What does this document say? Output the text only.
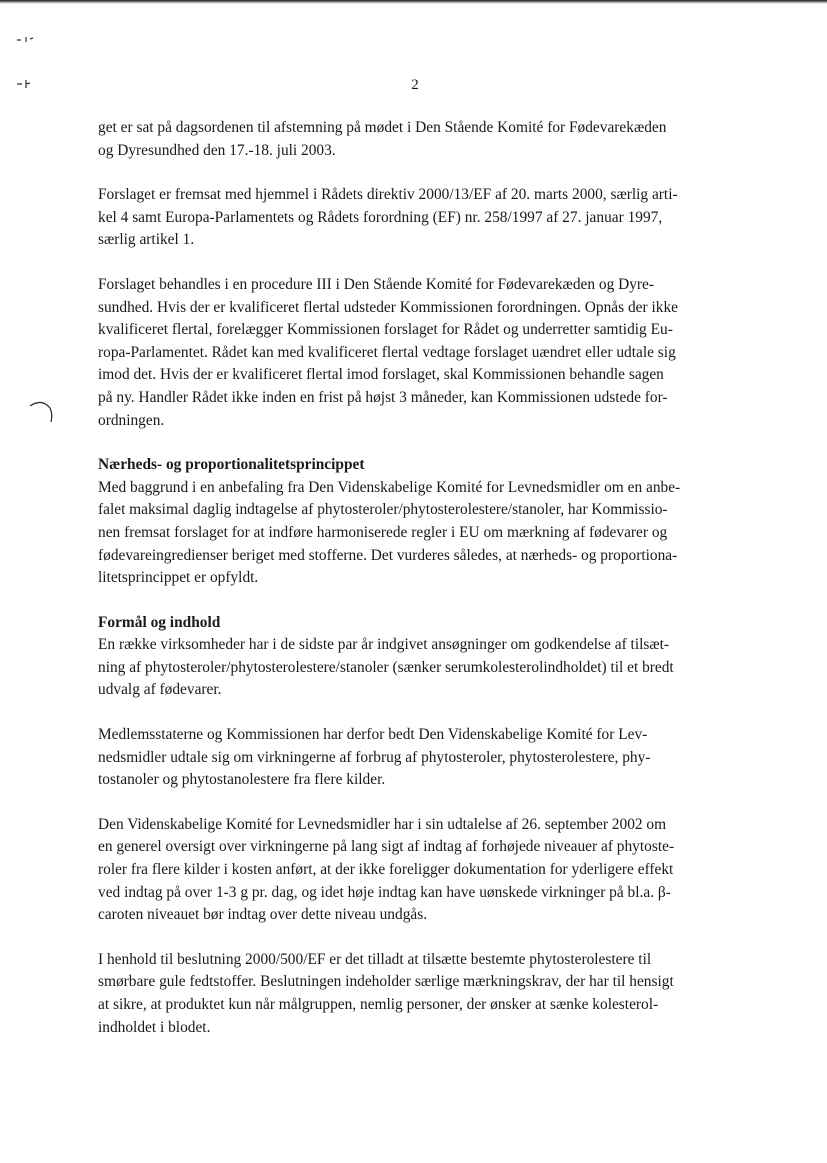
2

get er sat på dagsordenen til afstemning på mødet i Den Stående Komité for Fødevarekæden
og Dyresundhed den 17.-18. juli 2003.

Forslaget er fremsat med hjemmel i Rådets direktiv 2000/13/EF af 20. marts 2000, særlig arti-
kel 4 samt Europa-Parlamentets og Rådets forordning (EF) nr. 258/1997 af 27. januar 1997,
særlig artikel 1.

Forslaget behandles i en procedure III i Den Stående Komité for Fødevarekæden og Dyre-
sundhed. Hvis der er kvalificeret flertal udsteder Kommissionen forordningen. Opnås der ikke
kvalificeret flertal, forelægger Kommissionen forslaget for Rådet og underretter samtidig Eu-
ropa-Parlamentet. Rådet kan med kvalificeret flertal vedtage forslaget uændret eller udtale sig
imod det. Hvis der er kvalificeret flertal imod forslaget, skal Kommissionen behandle sagen
på ny. Handler Rådet ikke inden en frist på højst 3 måneder, kan Kommissionen udstede for-
ordningen.

Nærheds- og proportionalitetsprincippet

Med baggrund i en anbefaling fra Den Videnskabelige Komité for Levnedsmidler om en anbe-
falet maksimal daglig indtagelse af phytosteroler/phytosterolestere/stanoler, har Kommissio-
nen fremsat forslaget for at indføre harmoniserede regler i EU om mærkning af fødevarer og
fødevareingredienser beriget med stofferne. Det vurderes således, at nærheds- og proportiona-
litetsprincippet er opfyldt.

Formål og indhold

En række virksomheder har i de sidste par år indgivet ansøgninger om godkendelse af tilsæt-
ning af phytosteroler/phytosterolestere/stanoler (sænker serumkolesterolindholdet) til et bredt
udvalg af fødevarer.

Medlemsstaterne og Kommissionen har derfor bedt Den Videnskabelige Komité for Lev-
nedsmidler udtale sig om virkningerne af forbrug af phytosteroler, phytosterolestere, phy-
tostanoler og phytostanolestere fra flere kilder.

Den Videnskabelige Komité for Levnedsmidler har i sin udtalelse af 26. september 2002 om
en generel oversigt over virkningerne på lang sigt af indtag af forhøjede niveauer af phytoste-
roler fra flere kilder i kosten anført, at der ikke foreligger dokumentation for yderligere effekt
ved indtag på over 1-3 g pr. dag, og idet høje indtag kan have uønskede virkninger på bl.a. β-
caroten niveauet bør indtag over dette niveau undgås.

I henhold til beslutning 2000/500/EF er det tilladt at tilsætte bestemte phytosterolestere til
smørbare gule fedtstoffer. Beslutningen indeholder særlige mærkningskrav, der har til hensigt
at sikre, at produktet kun når målgruppen, nemlig personer, der ønsker at sænke kolesterol-
indholdet i blodet.
